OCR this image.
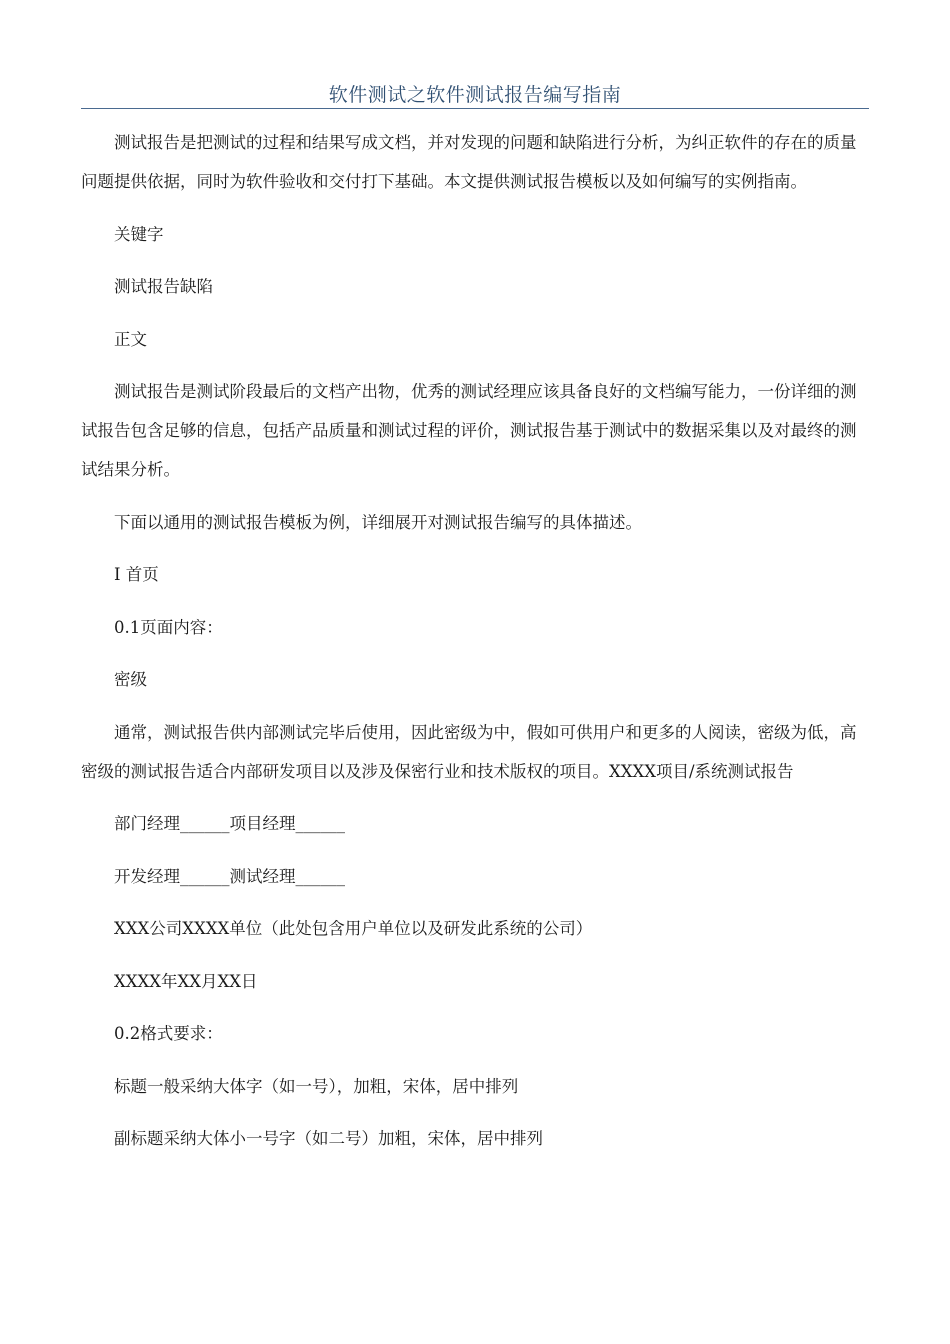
软件测试之软件测试报告编写指南

测试报告是把测试的过程和结果写成文档，并对发现的问题和缺陷进行分析，为纠正软件的存在的质量问题提供依据，同时为软件验收和交付打下基础。本文提供测试报告模板以及如何编写的实例指南。

关键字

测试报告缺陷

正文

测试报告是测试阶段最后的文档产出物，优秀的测试经理应该具备良好的文档编写能力，一份详细的测试报告包含足够的信息，包括产品质量和测试过程的评价，测试报告基于测试中的数据采集以及对最终的测试结果分析。

下面以通用的测试报告模板为例，详细展开对测试报告编写的具体描述。

Ⅰ 首页

0.1页面内容：

密级

通常，测试报告供内部测试完毕后使用，因此密级为中，假如可供用户和更多的人阅读，密级为低，高密级的测试报告适合内部研发项目以及涉及保密行业和技术版权的项目。XXXX项目/系统测试报告

部门经理______项目经理______

开发经理______测试经理______

XXX公司XXXX单位（此处包含用户单位以及研发此系统的公司）

XXXX年XX月XX日

0.2格式要求：

标题一般采纳大体字（如一号），加粗，宋体，居中排列

副标题采纳大体小一号字（如二号）加粗，宋体，居中排列
